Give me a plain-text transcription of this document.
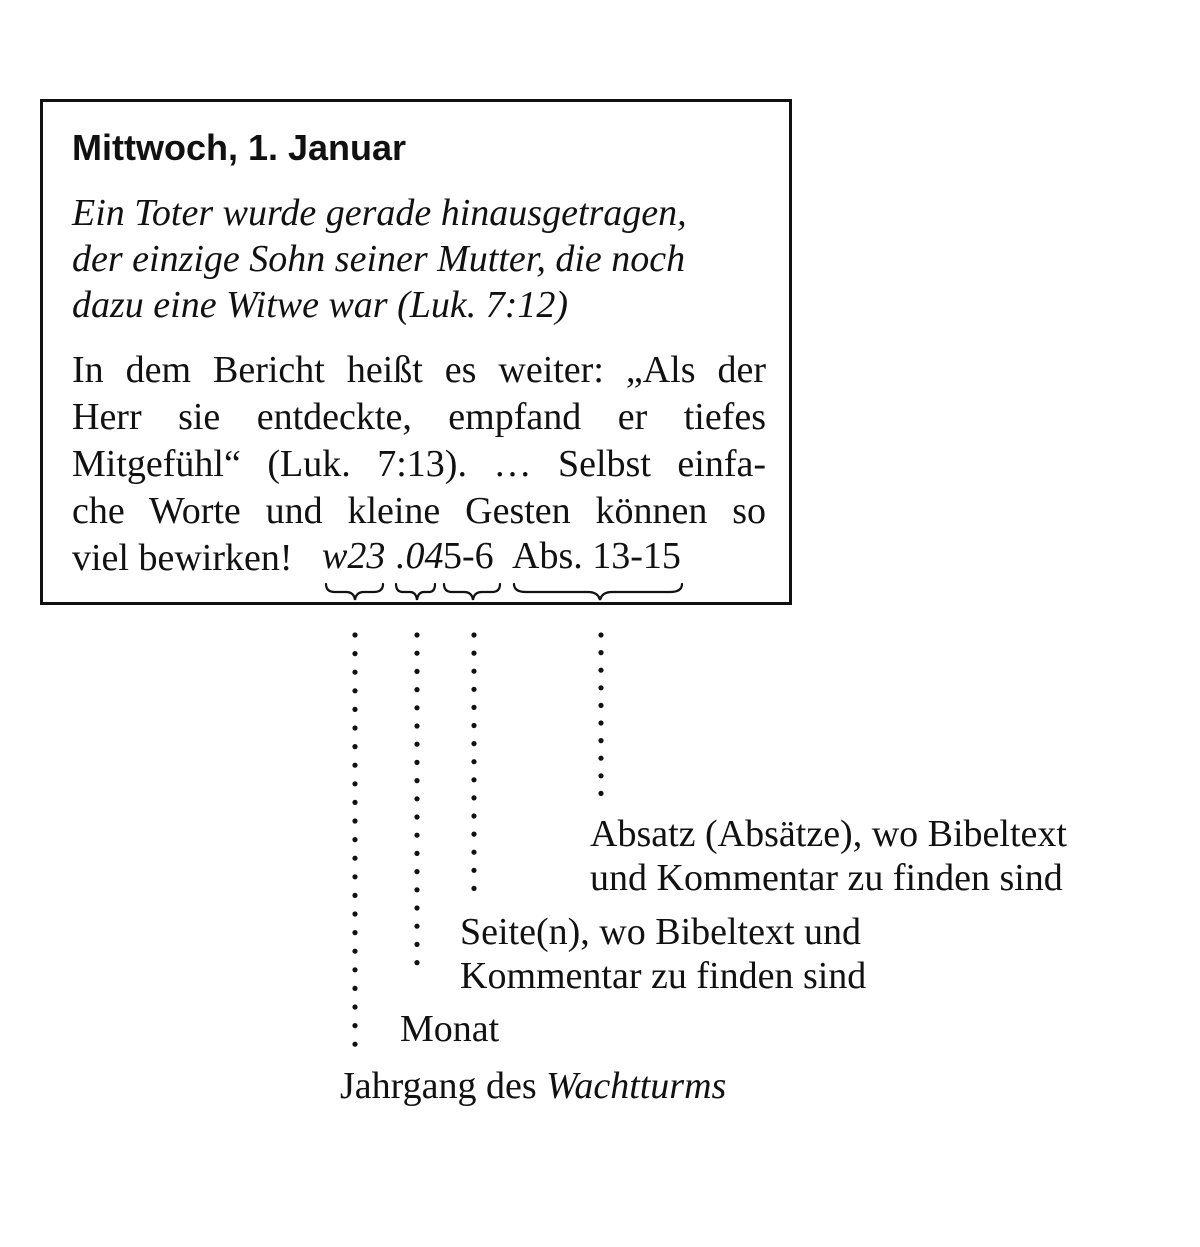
Mittwoch, 1. Januar
Ein Toter wurde gerade hinausgetragen,
der einzige Sohn seiner Mutter, die noch
dazu eine Witwe war (Luk. 7:12)
In dem Bericht heißt es weiter: „Als der
Herr sie entdeckte, empfand er tiefes
Mitgefühl“ (Luk. 7:13). … Selbst einfa-
che Worte und kleine Gesten können so
viel bewirken! w23 .04 5-6 Abs. 13-15
Absatz (Absätze), wo Bibeltext
und Kommentar zu finden sind
Seite(n), wo Bibeltext und
Kommentar zu finden sind
Monat
Jahrgang des Wachtturms
